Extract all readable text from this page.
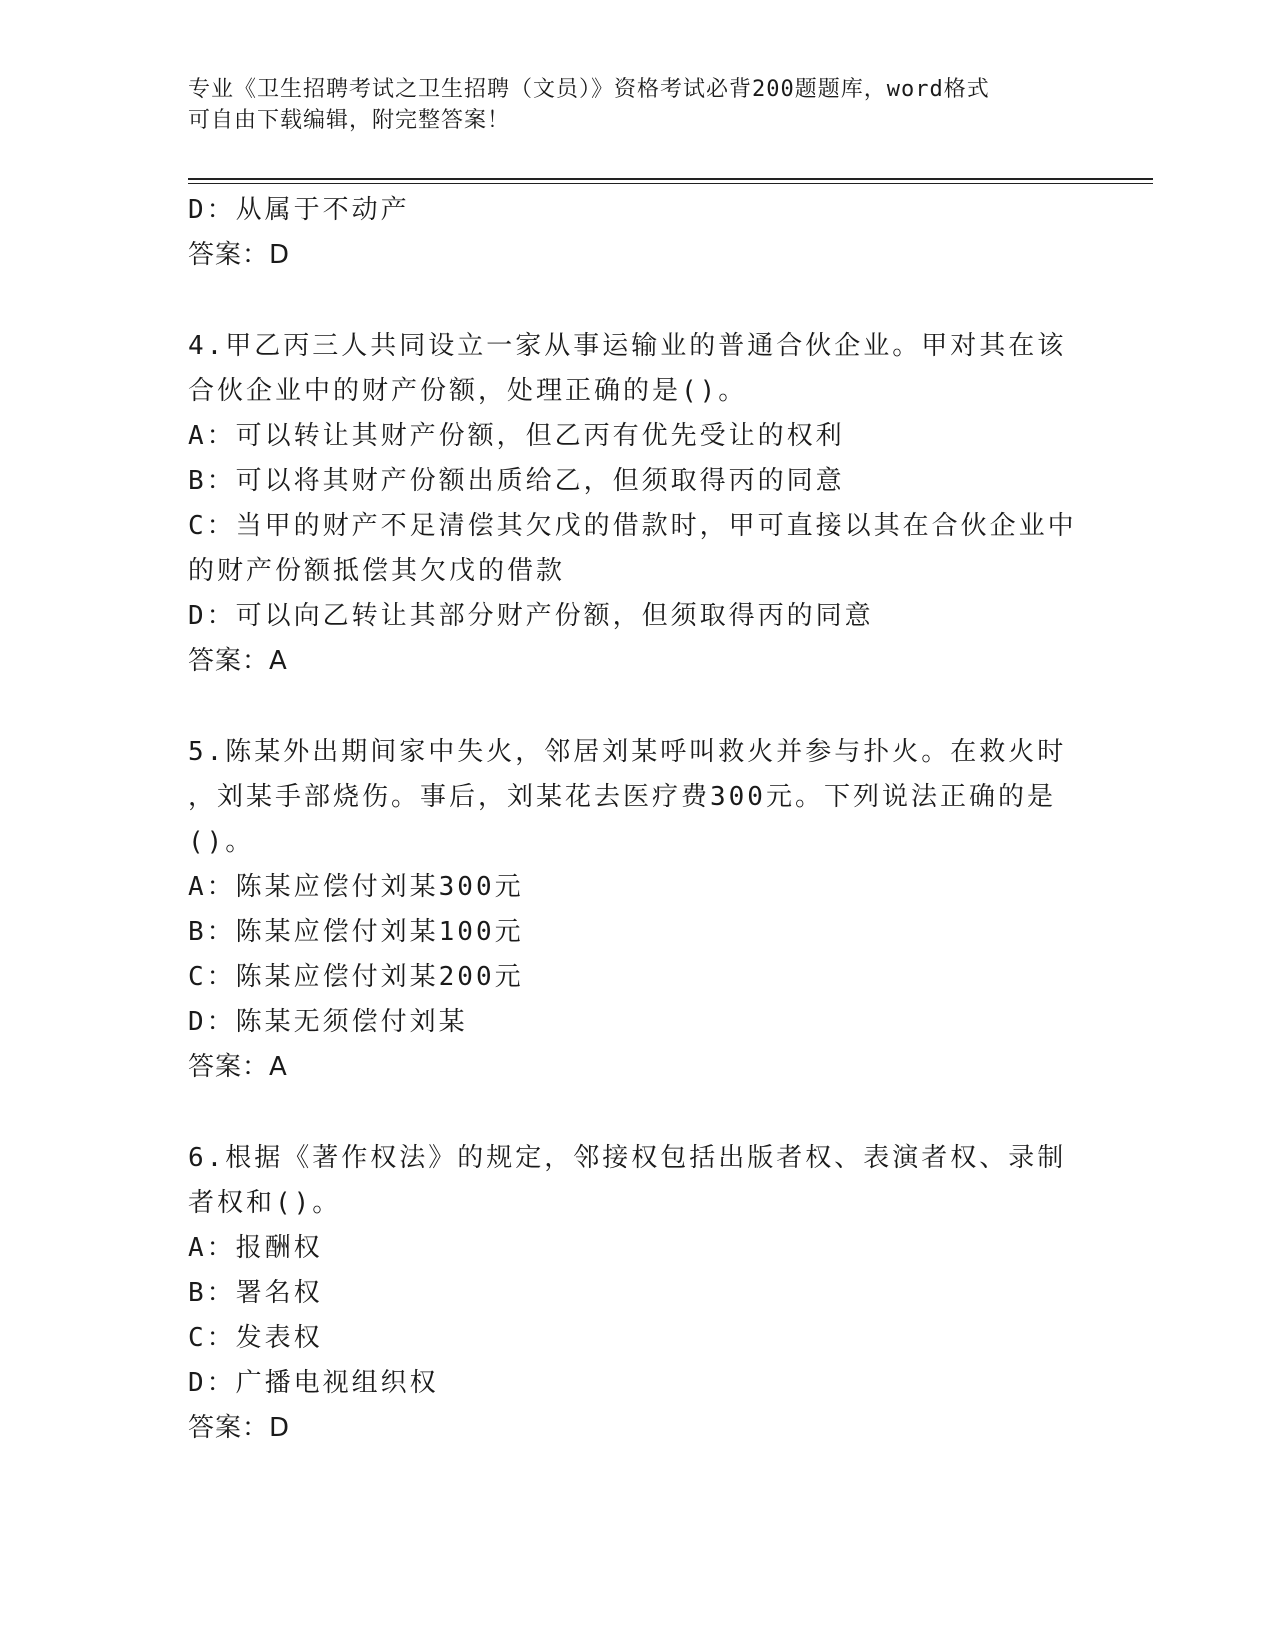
专业《卫生招聘考试之卫生招聘（文员）》资格考试必背200题题库，word格式
可自由下载编辑，附完整答案！
D：从属于不动产
答案：D
4.甲乙丙三人共同设立一家从事运输业的普通合伙企业。甲对其在该
合伙企业中的财产份额，处理正确的是()。
A：可以转让其财产份额，但乙丙有优先受让的权利
B：可以将其财产份额出质给乙，但须取得丙的同意
C：当甲的财产不足清偿其欠戊的借款时，甲可直接以其在合伙企业中
的财产份额抵偿其欠戊的借款
D：可以向乙转让其部分财产份额，但须取得丙的同意
答案：A
5.陈某外出期间家中失火，邻居刘某呼叫救火并参与扑火。在救火时
，刘某手部烧伤。事后，刘某花去医疗费300元。下列说法正确的是
()。
A：陈某应偿付刘某300元
B：陈某应偿付刘某100元
C：陈某应偿付刘某200元
D：陈某无须偿付刘某
答案：A
6.根据《著作权法》的规定，邻接权包括出版者权、表演者权、录制
者权和()。
A：报酬权
B：署名权
C：发表权
D：广播电视组织权
答案：D
